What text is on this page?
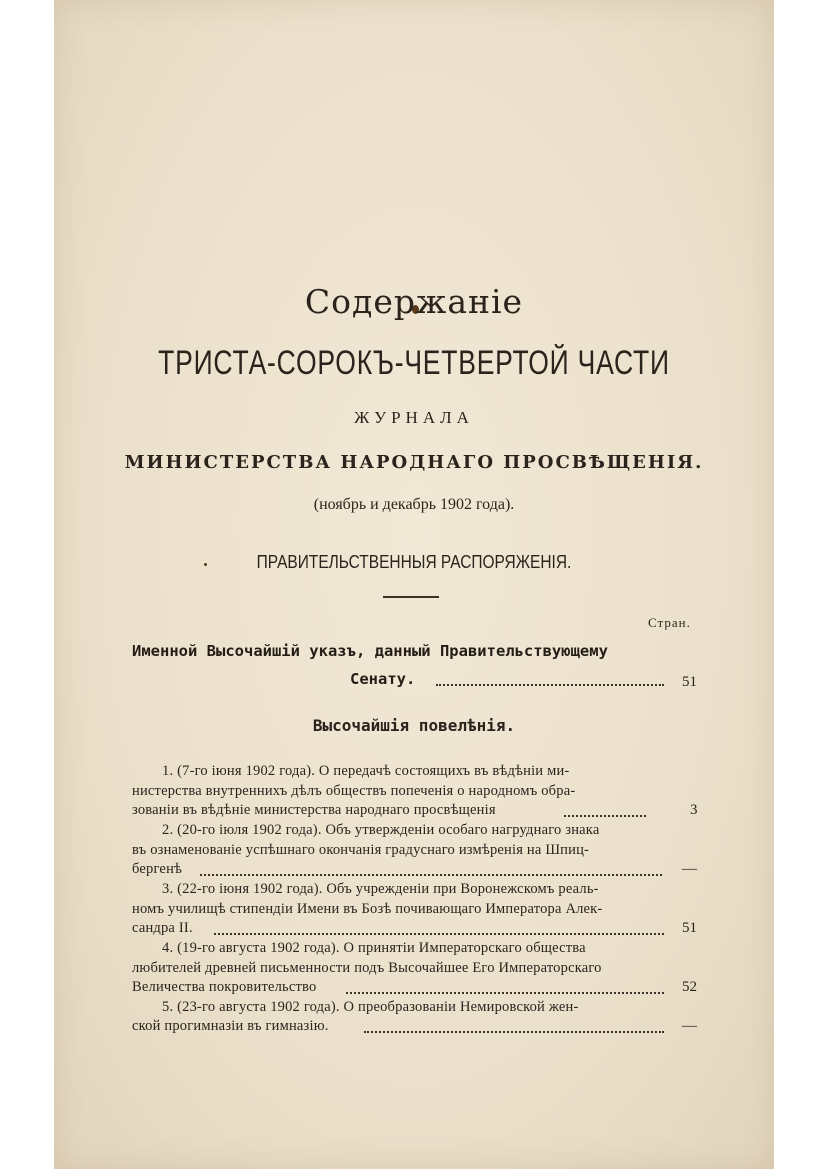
Содержаніе
ТРИСТА-СОРОКЪ-ЧЕТВЕРТОЙ ЧАСТИ
ЖУРНАЛА
МИНИСТЕРСТВА НАРОДНАГО ПРОСВѢЩЕНІЯ.
(ноябрь и декабрь 1902 года).
ПРАВИТЕЛЬСТВЕННЫЯ РАСПОРЯЖЕНІЯ.
Стран.
Именной Высочайшій указъ, данный Правительствующему
Сенату.	51
Высочайшія повелѣнія.
1. (7-го іюня 1902 года). О передачѣ состоящихъ въ вѣдѣніи ми-
нистерства внутреннихъ дѣлъ обществъ попеченія о народномъ обра-
зованіи въ вѣдѣніе министерства народнаго просвѣщенія	3
2. (20-го іюля 1902 года). Объ утвержденіи особаго нагруднаго знака
въ ознаменованіе успѣшнаго окончанія градуснаго измѣренія на Шпиц-
бергенѣ	—
3. (22-го іюня 1902 года). Объ учрежденіи при Воронежскомъ реаль-
номъ училищѣ стипендіи Имени въ Бозѣ почивающаго Императора Алек-
сандра II.	51
4. (19-го августа 1902 года). О принятіи Императорскаго общества
любителей древней письменности подъ Высочайшее Его Императорскаго
Величества покровительство	52
5. (23-го августа 1902 года). О преобразованіи Немировской жен-
ской прогимназіи въ гимназію.	—
